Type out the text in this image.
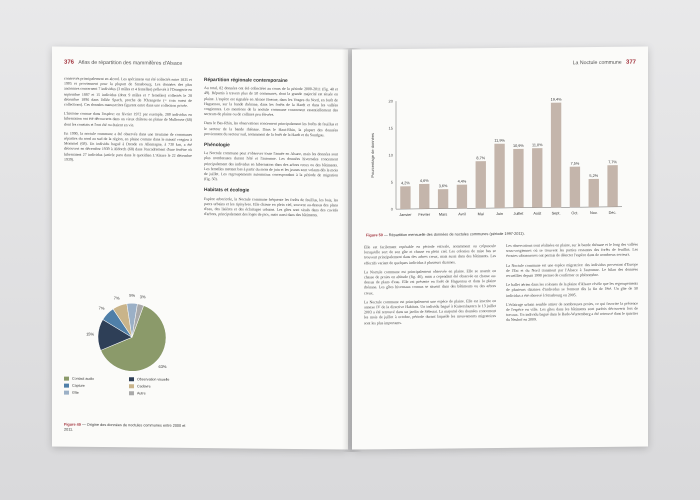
376 Atlas de répartition des mammifères d'Alsace

conservés principalement en alcool. Les spécimens ont été collectés entre 1835 et 1905 et proviennent pour la plupart de Strasbourg. Les données des plus anciennes concernent 7 individus (3 mâles et 4 femelles) prélevés à l'Orangerie en septembre 1887 et 15 individus (dont 9 mâles et 7 femelles) collectés le 28 décembre 1896 dans l'ellée Spach, proche de l'Orangerie (= coin ouest de collections). Ces données manuscrites figurent entre dans une collection privée.

L'histoire connue dans l'espèce: en février 1972 par exemple, 280 individus en hibernation ont été découverts dans un vieux château en plaine de Mulhouse (68) dont les constats et l'ont été ou étaient en vie.

En 1990, la noctule commune a été observée dans une trentaine de communes réparties du nord au sud de la région, en plaine comme dans le massif vosgien à Mommel (68). Un individu bagué à Dresde en Allemagne, à 730 km, a été découvert en décembre 1939 à Aldorch (68) dans l'encadrement d'une fenêtre où hibernaient 27 individus (article paru dans le quotidien L'Alsace le 22 décembre 1939).

Répartition régionale contemporaine

Au total, 82 données ont été collectées au cours de la période 2000-2011 (fig. 48 et 49). Répartis à travers plus de 50 communes, dont la grande majorité est située en plaine. L'espèce est signalée en Alsace Bossue, dans les Vosges du Nord, en forêt de Haguenau, sur la bande rhénane, dans les forêts de la Hardt et dans les vallées vosgiennes. Les mentions de la noctule commune concernent essentiellement des secteurs de plaine ou de collines peu élevées.

Dans le Bas-Rhin, les observations concernent principalement les forêts de feuillus et le secteur de la bande rhénane. Dans le Haut-Rhin, la plupart des données proviennent du secteur sud, notamment de la forêt de la Hardt et du Sundgau.

Phénologie

La Noctule commune peut s'observer toute l'année en Alsace, mais les données sont plus nombreuses durant l'été et l'automne. Les données hivernales concernent principalement des individus en hibernation dans des arbres creux ou des bâtiments. Les femelles mettent bas à partir du mois de juin et les jeunes sont volants dès le mois de juillet. Les regroupements automnaux correspondent à la période de migration (fig. 50).

Habitats et écologie

Espèce arboricole, la Noctule commune fréquente les forêts de feuillus, les bois, les parcs urbains et les ripisylves. Elle chasse en plein ciel, souvent au-dessus des plans d'eau, des lisières et des éclairages urbains. Les gîtes sont situés dans des cavités d'arbres, principalement des loges de pics, mais aussi dans des bâtiments.

63%
15%
7%
7%
5% 3%
Contact audio	Observation visuelle
Capture	Cadavre
Gîte	Autre
Figure 49 — Origine des données de noctules communes entre 2000 et 2011.
La Noctule commune 377
0
5
10
15
20
Pourcentage de données
4,2%
Janvier
4,6%
Février
3,6%
Mars
4,4%
Avril
8,7%
Mai
11,9%
Juin
10,9%
Juillet
11,0%
Août
19,4%
Sept.
7,5%
Oct.
5,2%
Nov.
7,7%
Déc.
Figure 50 — Répartition mensuelle des données de noctules communes (période 1997-2011).

Elle est facilement repérable en période estivale, notamment au crépuscule lorsqu'elle sort de son gîte et chasse en plein ciel. Les colonies de mise bas se trouvent principalement dans des arbres creux, mais aussi dans des bâtiments. Les effectifs varient de quelques individus à plusieurs dizaines.

La Noctule commune est principalement observée en plaine. Elle se nourrit en chasse de proies en altitude (fig. 46), mais a cependant été observée en chasse au-dessus de plans d'eau. Elle est présente en forêt de Haguenau et dans la plaine rhénane. Les gîtes hivernaux connus se situent dans des bâtiments ou des arbres creux.

La Noctule commune est principalement une espèce de plaine. Elle est inscrite en annexe IV de la directive Habitats. Un individu bagué à Kaiserslautern le 13 juillet 2003 a été retrouvé dans un jardin de Sélestat. La majorité des données concernent les mois de juillet à octobre, période durant laquelle les mouvements migratoires sont les plus importants.

Les observations sont réalisées en plaine, sur la bande rhénane et le long des vallées sous-vosgiennes où se trouvent les parties restantes des forêts de feuillus. Les écoutes ultrasonores ont permis de détecter l'espèce dans de nombreux secteurs.

La Noctule commune est une espèce migratrice: des individus provenant d'Europe de l'Est et du Nord transitent par l'Alsace à l'automne. Le bilan des données recueillies depuis 1990 permet de confirmer ce phénomène.

Le ballet aérien dans les colonies de la plaine d'Alsace révèle que les regroupements de plusieurs dizaines d'individus se forment dès la fin de l'été. Un gîte de 50 individus a été observé à Strasbourg en 2005.

L'éclairage urbain semble attirer de nombreuses proies, ce qui favorise la présence de l'espèce en ville. Les gîtes dans les bâtiments sont parfois découverts lors de travaux. Un individu bagué dans le Bade-Wurtemberg a été retrouvé dans le quartier du Neuhof en 2009.
